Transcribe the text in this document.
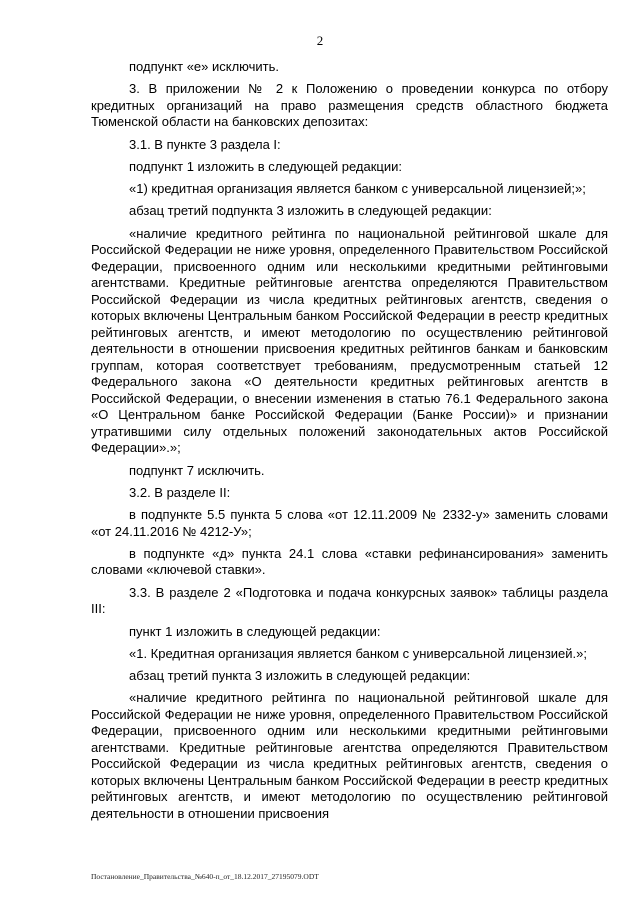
2

подпункт «е» исключить.

3. В приложении № 2 к Положению о проведении конкурса по отбору кредитных организаций на право размещения средств областного бюджета Тюменской области на банковских депозитах:

3.1. В пункте 3 раздела I:

подпункт 1 изложить в следующей редакции:

«1) кредитная организация является банком с универсальной лицензией;»;

абзац третий подпункта 3 изложить в следующей редакции:

«наличие кредитного рейтинга по национальной рейтинговой шкале для Российской Федерации не ниже уровня, определенного Правительством Российской Федерации, присвоенного одним или несколькими кредитными рейтинговыми агентствами. Кредитные рейтинговые агентства определяются Правительством Российской Федерации из числа кредитных рейтинговых агентств, сведения о которых включены Центральным банком Российской Федерации в реестр кредитных рейтинговых агентств, и имеют методологию по осуществлению рейтинговой деятельности в отношении присвоения кредитных рейтингов банкам и банковским группам, которая соответствует требованиям, предусмотренным статьей 12 Федерального закона «О деятельности кредитных рейтинговых агентств в Российской Федерации, о внесении изменения в статью 76.1 Федерального закона «О Центральном банке Российской Федерации (Банке России)» и признании утратившими силу отдельных положений законодательных актов Российской Федерации».»;

подпункт 7 исключить.

3.2. В разделе II:

в подпункте 5.5 пункта 5 слова «от 12.11.2009 № 2332-у» заменить словами «от 24.11.2016 № 4212-У»;

в подпункте «д» пункта 24.1 слова «ставки рефинансирования» заменить словами «ключевой ставки».

3.3. В разделе 2 «Подготовка и подача конкурсных заявок» таблицы раздела III:

пункт 1 изложить в следующей редакции:

«1. Кредитная организация является банком с универсальной лицензией.»;

абзац третий пункта 3 изложить в следующей редакции:

«наличие кредитного рейтинга по национальной рейтинговой шкале для Российской Федерации не ниже уровня, определенного Правительством Российской Федерации, присвоенного одним или несколькими кредитными рейтинговыми агентствами. Кредитные рейтинговые агентства определяются Правительством Российской Федерации из числа кредитных рейтинговых агентств, сведения о которых включены Центральным банком Российской Федерации в реестр кредитных рейтинговых агентств, и имеют методологию по осуществлению рейтинговой деятельности в отношении присвоения

Постановление_Правительства_№640-п_от_18.12.2017_27195079.ODT
